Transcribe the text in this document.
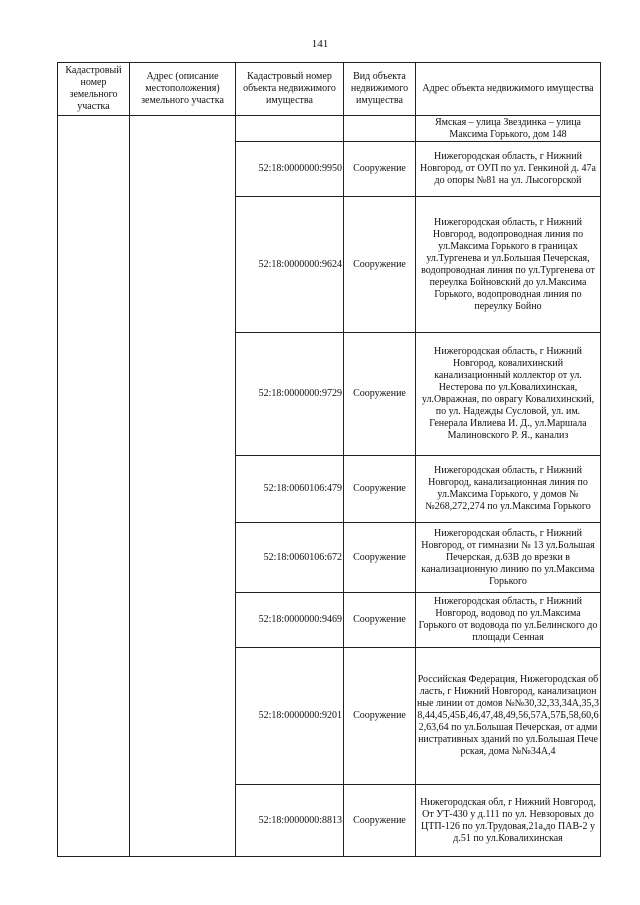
141
Кадастровый номер земельного участка	Адрес (описание местоположения) земельного участка	Кадастровый номер объекта недвижимого имущества	Вид объекта недвижимого имущества	Адрес объекта недвижимого имущества
				Ямская – улица Звездинка – улица Максима Горького, дом 148
		52:18:0000000:9950	Сооружение	Нижегородская область, г Нижний Новгород, от ОУП по ул. Генкиной д. 47а до опоры №81 на ул. Лысогорской
		52:18:0000000:9624	Сооружение	Нижегородская область, г Нижний Новгород, водопроводная линия по ул.Максима Горького в границах ул.Тургенева и ул.Большая Печерская, водопроводная линия по ул.Тургенева от переулка Бойновский до ул.Максима Горького, водопроводная линия по переулку Бойно
		52:18:0000000:9729	Сооружение	Нижегородская область, г Нижний Новгород, ковалихинский канализационный коллектор от ул. Нестерова по ул.Ковалихинская, ул.Овражная, по оврагу Ковалихинский, по ул. Надежды Сусловой, ул. им. Генерала Ивлиева И. Д., ул.Маршала Малиновского Р. Я., канализ
		52:18:0060106:479	Сооружение	Нижегородская область, г Нижний Новгород, канализационная линия по ул.Максима Горького, у домов №№268,272,274 по ул.Максима Горького
		52:18:0060106:672	Сооружение	Нижегородская область, г Нижний Новгород, от гимназии № 13 ул.Большая Печерская, д.63В до врезки в канализационную линию по ул.Максима Горького
		52:18:0000000:9469	Сооружение	Нижегородская область, г Нижний Новгород, водовод по ул.Максима Горького от водовода по ул.Белинского до площади Сенная
		52:18:0000000:9201	Сооружение	Российская Федерация, Нижегородская область, г Нижний Новгород, канализационные линии от домов №№30,32,33,34А,35,38,44,45,45Б,46,47,48,49,56,57А,57Б,58,60,62,63,64 по ул.Большая Печерская, от административных зданий по ул.Большая Печерская, дома №№34А,4
		52:18:0000000:8813	Сооружение	Нижегородская обл, г Нижний Новгород, От УТ-430 у д.111 по ул. Невзоровых до ЦТП-126 по ул.Трудовая,21а,до ПАВ-2 у д.51 по ул.Ковалихинская
